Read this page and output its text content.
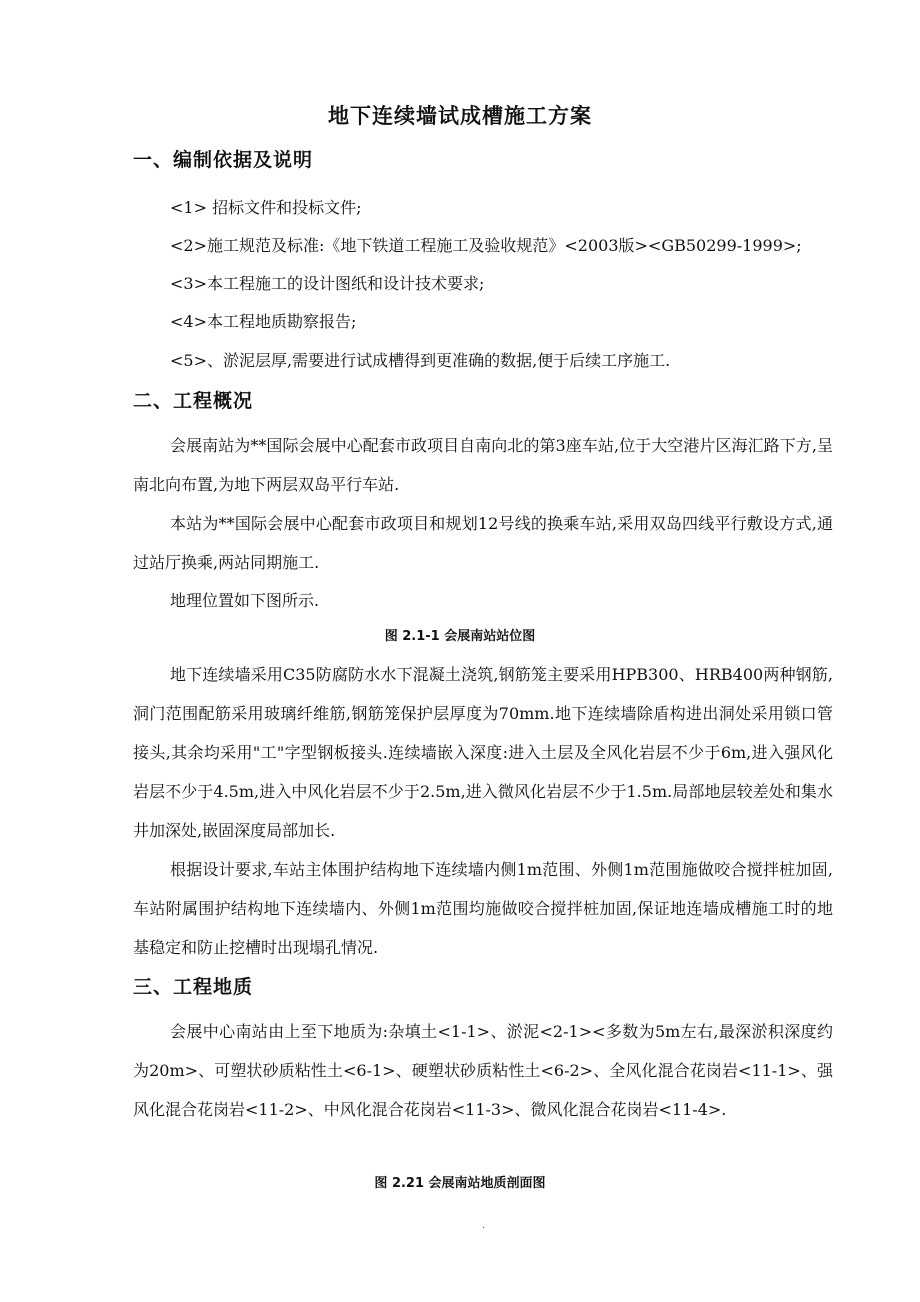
地下连续墙试成槽施工方案
一、编制依据及说明
<1> 招标文件和投标文件;
<2>施工规范及标准:《地下铁道工程施工及验收规范》<2003版><GB50299-1999>;
<3>本工程施工的设计图纸和设计技术要求;
<4>本工程地质勘察报告;
<5>、淤泥层厚,需要进行试成槽得到更准确的数据,便于后续工序施工.
二、工程概况
会展南站为**国际会展中心配套市政项目自南向北的第3座车站,位于大空港片区海汇路下方,呈南北向布置,为地下两层双岛平行车站.
本站为**国际会展中心配套市政项目和规划12号线的换乘车站,采用双岛四线平行敷设方式,通过站厅换乘,两站同期施工.
地理位置如下图所示.
图 2.1-1 会展南站站位图
地下连续墙采用C35防腐防水水下混凝土浇筑,钢筋笼主要采用HPB300、HRB400两种钢筋,洞门范围配筋采用玻璃纤维筋,钢筋笼保护层厚度为70mm.地下连续墙除盾构进出洞处采用锁口管接头,其余均采用"工"字型钢板接头.连续墙嵌入深度:进入土层及全风化岩层不少于6m,进入强风化岩层不少于4.5m,进入中风化岩层不少于2.5m,进入微风化岩层不少于1.5m.局部地层较差处和集水井加深处,嵌固深度局部加长.
根据设计要求,车站主体围护结构地下连续墙内侧1m范围、外侧1m范围施做咬合搅拌桩加固,车站附属围护结构地下连续墙内、外侧1m范围均施做咬合搅拌桩加固,保证地连墙成槽施工时的地基稳定和防止挖槽时出现塌孔情况.
三、工程地质
会展中心南站由上至下地质为:杂填土<1-1>、淤泥<2-1><多数为5m左右,最深淤积深度约为20m>、可塑状砂质粘性土<6-1>、硬塑状砂质粘性土<6-2>、全风化混合花岗岩<11-1>、强风化混合花岗岩<11-2>、中风化混合花岗岩<11-3>、微风化混合花岗岩<11-4>.
图 2.21 会展南站地质剖面图
.
